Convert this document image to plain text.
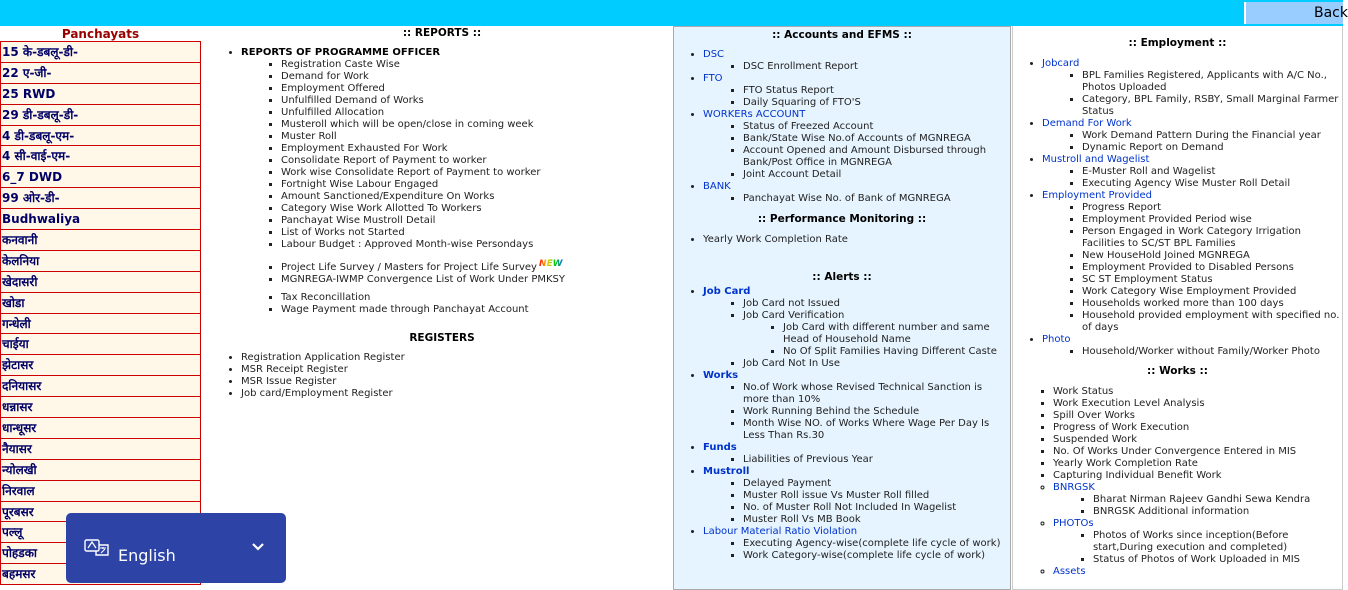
Back
Panchayats
15 के-डबलू-डी-
22 ए-जी-
25 RWD
29 डी-डबलू-डी-
4 डी-डबलू-एम-
4 सी-वाई-एम-
6_7 DWD
99 ओर-डी-
Budhwaliya
कनवानी
केलनिया
खेदासरी
खोडा
गन्धेली
चाईया
झेटासर
दनियासर
धन्नासर
धान्धूसर
नैयासर
न्योलखी
निरवाल
पूरबसर
पल्लू
पोहडका
बहमसर
:: REPORTS ::
• REPORTS OF PROGRAMME OFFICER
▪ Registration Caste Wise
▪ Demand for Work
▪ Employment Offered
▪ Unfulfilled Demand of Works
▪ Unfulfilled Allocation
▪ Musteroll which will be open/close in coming week
▪ Muster Roll
▪ Employment Exhausted For Work
▪ Consolidate Report of Payment to worker
▪ Work wise Consolidate Report of Payment to worker
▪ Fortnight Wise Labour Engaged
▪ Amount Sanctioned/Expenditure On Works
▪ Category Wise Work Allotted To Workers
▪ Panchayat Wise Mustroll Detail
▪ List of Works not Started
▪ Labour Budget : Approved Month-wise Persondays
▪ Project Life Survey / Masters for Project Life Survey NEW
▪ MGNREGA-IWMP Convergence List of Work Under PMKSY
▪ Tax Reconcillation
▪ Wage Payment made through Panchayat Account
REGISTERS
• Registration Application Register
• MSR Receipt Register
• MSR Issue Register
• Job card/Employment Register
:: Accounts and EFMS ::
• DSC
▪ DSC Enrollment Report
• FTO
▪ FTO Status Report
▪ Daily Squaring of FTO'S
• WORKERs ACCOUNT
▪ Status of Freezed Account
▪ Bank/State Wise No.of Accounts of MGNREGA
▪ Account Opened and Amount Disbursed through Bank/Post Office in MGNREGA
▪ Joint Account Detail
• BANK
▪ Panchayat Wise No. of Bank of MGNREGA
:: Performance Monitoring ::
• Yearly Work Completion Rate
:: Alerts ::
• Job Card
▪ Job Card not Issued
▪ Job Card Verification
▪ Job Card with different number and same Head of Household Name
▪ No Of Split Families Having Different Caste
▪ Job Card Not In Use
• Works
▪ No.of Work whose Revised Technical Sanction is more than 10%
▪ Work Running Behind the Schedule
▪ Month Wise NO. of Works Where Wage Per Day Is Less Than Rs.30
• Funds
▪ Liabilities of Previous Year
• Mustroll
▪ Delayed Payment
▪ Muster Roll issue Vs Muster Roll filled
▪ No. of Muster Roll Not Included In Wagelist
▪ Muster Roll Vs MB Book
• Labour Material Ratio Violation
▪ Executing Agency-wise(complete life cycle of work)
▪ Work Category-wise(complete life cycle of work)
:: Employment ::
• Jobcard
▪ BPL Families Registered, Applicants with A/C No., Photos Uploaded
▪ Category, BPL Family, RSBY, Small Marginal Farmer Status
• Demand For Work
▪ Work Demand Pattern During the Financial year
▪ Dynamic Report on Demand
• Mustroll and Wagelist
▪ E-Muster Roll and Wagelist
▪ Executing Agency Wise Muster Roll Detail
• Employment Provided
▪ Progress Report
▪ Employment Provided Period wise
▪ Person Engaged in Work Category Irrigation Facilities to SC/ST BPL Families
▪ New HouseHold Joined MGNREGA
▪ Employment Provided to Disabled Persons
▪ SC ST Employment Status
▪ Work Category Wise Employment Provided
▪ Households worked more than 100 days
▪ Household provided employment with specified no. of days
• Photo
▪ Household/Worker without Family/Worker Photo
:: Works ::
▪ Work Status
▪ Work Execution Level Analysis
▪ Spill Over Works
▪ Progress of Work Execution
▪ Suspended Work
▪ No. Of Works Under Convergence Entered in MIS
▪ Yearly Work Completion Rate
▪ Capturing Individual Benefit Work
◦ BNRGSK
▪ Bharat Nirman Rajeev Gandhi Sewa Kendra
▪ BNRGSK Additional information
◦ PHOTOs
▪ Photos of Works since inception(Before start,During execution and completed)
▪ Status of Photos of Work Uploaded in MIS
◦ Assets
English
